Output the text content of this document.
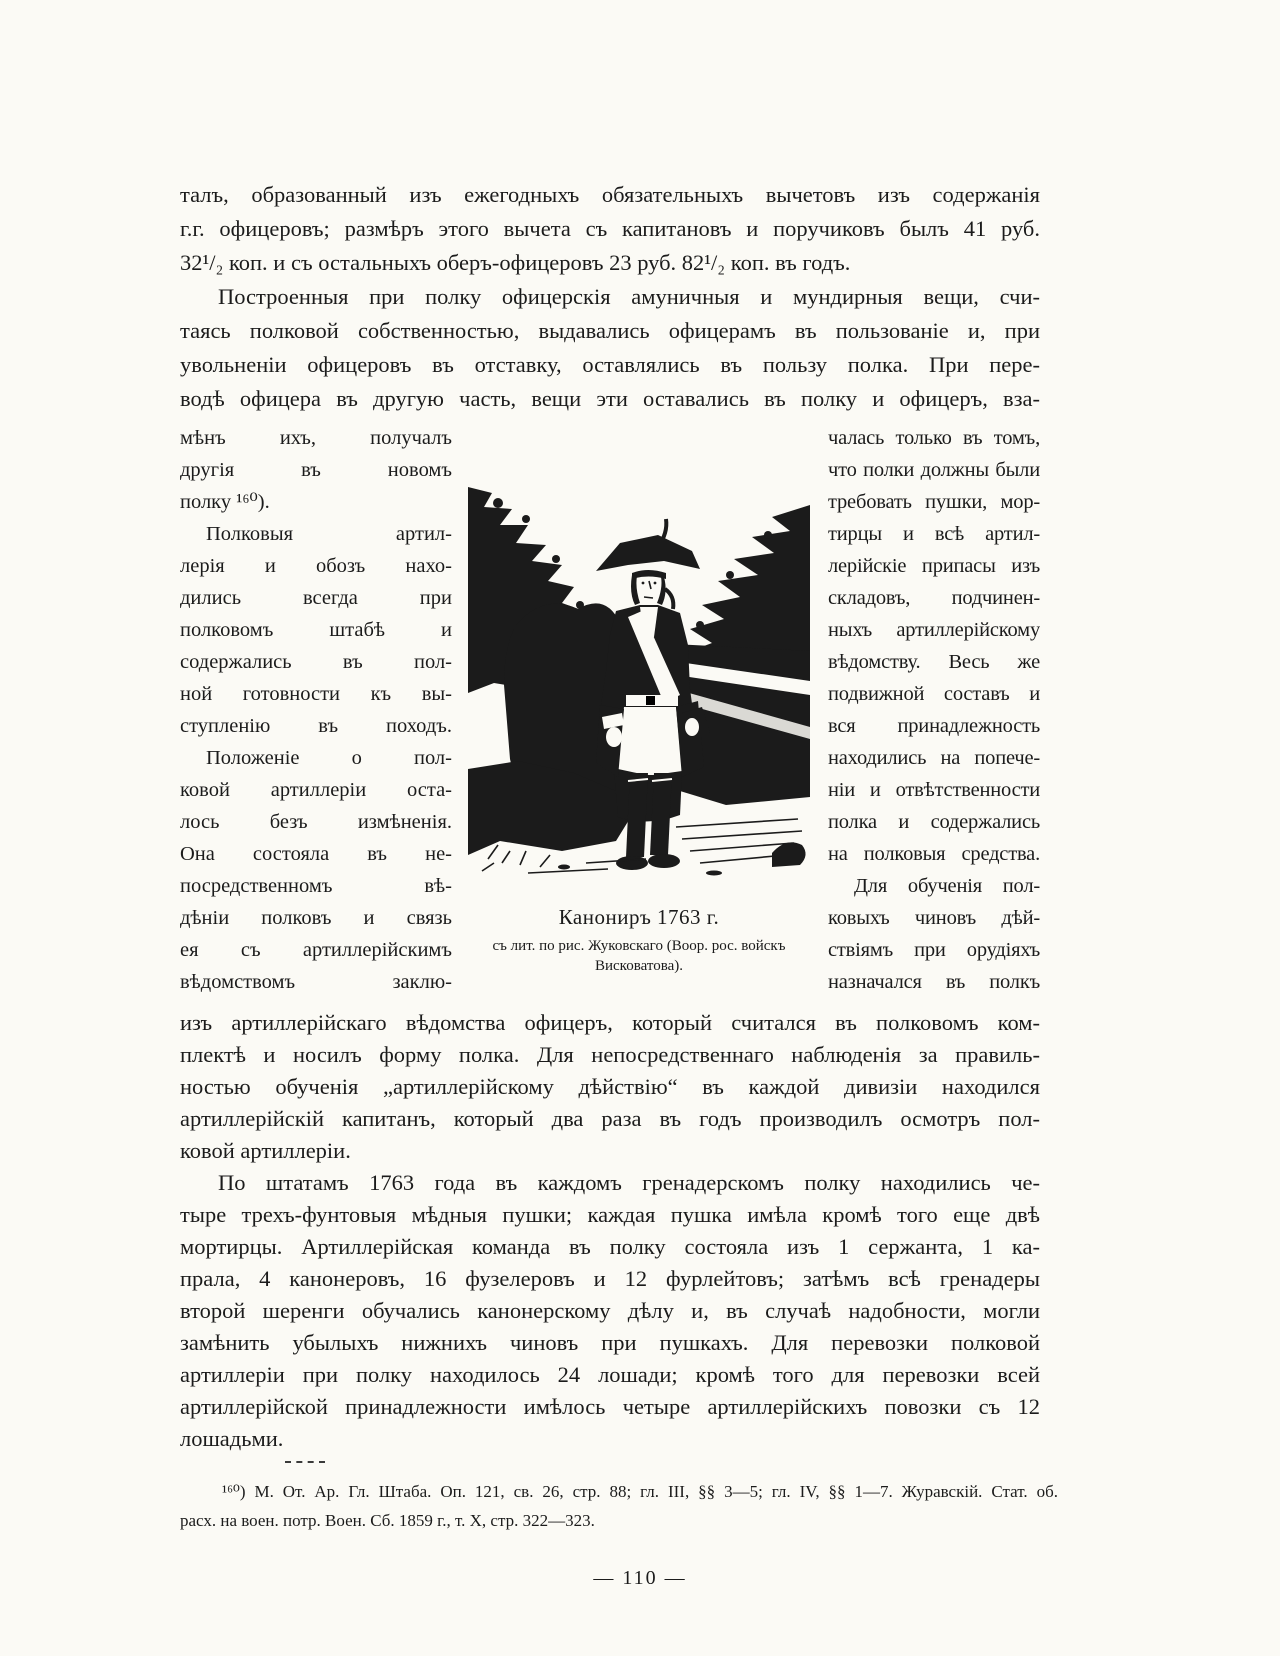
талъ, образованный изъ ежегодныхъ обязательныхъ вычетовъ изъ содержанія
г.г. офицеровъ; размѣръ этого вычета съ капитановъ и поручиковъ былъ 41 руб.
32¹/₂ коп. и съ остальныхъ оберъ-офицеровъ 23 руб. 82¹/₂ коп. въ годъ.
Построенныя при полку офицерскія амуничныя и мундирныя вещи, счи-
таясь полковой собственностью, выдавались офицерамъ въ пользованіе и, при
увольненіи офицеровъ въ отставку, оставлялись въ пользу полка. При пере-
водѣ офицера въ другую часть, вещи эти оставались въ полку и офицеръ, вза-
мѣнъ ихъ, получалъ
другія въ новомъ
полку ¹⁶⁰).
Полковыя артил-
лерія и обозъ нахо-
дились всегда при
полковомъ штабѣ и
содержались въ пол-
ной готовности къ вы-
ступленію въ походъ.
Положеніе о пол-
ковой артиллеріи оста-
лось безъ измѣненія.
Она состояла въ не-
посредственномъ вѣ-
дѣніи полковъ и связь
ея съ артиллерійскимъ
вѣдомствомъ заклю-
Канониръ 1763 г.
съ лит. по рис. Жуковскаго (Воор. рос. войскъ
Висковатова).
чалась только въ томъ,
что полки должны были
требовать пушки, мор-
тирцы и всѣ артил-
лерійскіе припасы изъ
складовъ, подчинен-
ныхъ артиллерійскому
вѣдомству. Весь же
подвижной составъ и
вся принадлежность
находились на попече-
ніи и отвѣтственности
полка и содержались
на полковыя средства.
Для обученія пол-
ковыхъ чиновъ дѣй-
ствіямъ при орудіяхъ
назначался въ полкъ
изъ артиллерійскаго вѣдомства офицеръ, который считался въ полковомъ ком-
плектѣ и носилъ форму полка. Для непосредственнаго наблюденія за правиль-
ностью обученія „артиллерійскому дѣйствію“ въ каждой дивизіи находился
артиллерійскій капитанъ, который два раза въ годъ производилъ осмотръ пол-
ковой артиллеріи.
По штатамъ 1763 года въ каждомъ гренадерскомъ полку находились че-
тыре трехъ-фунтовыя мѣдныя пушки; каждая пушка имѣла кромѣ того еще двѣ
мортирцы. Артиллерійская команда въ полку состояла изъ 1 сержанта, 1 ка-
прала, 4 канонеровъ, 16 фузелеровъ и 12 фурлейтовъ; затѣмъ всѣ гренадеры
второй шеренги обучались канонерскому дѣлу и, въ случаѣ надобности, могли
замѣнить убылыхъ нижнихъ чиновъ при пушкахъ. Для перевозки полковой
артиллеріи при полку находилось 24 лошади; кромѣ того для перевозки всей
артиллерійской принадлежности имѣлось четыре артиллерійскихъ повозки съ 12
лошадьми.
¹⁶⁰) М. От. Ар. Гл. Штаба. Оп. 121, св. 26, стр. 88; гл. III, §§ 3—5; гл. IV, §§ 1—7. Журавскій. Стат. об.
расх. на воен. потр. Воен. Сб. 1859 г., т. X, стр. 322—323.
— 110 —
